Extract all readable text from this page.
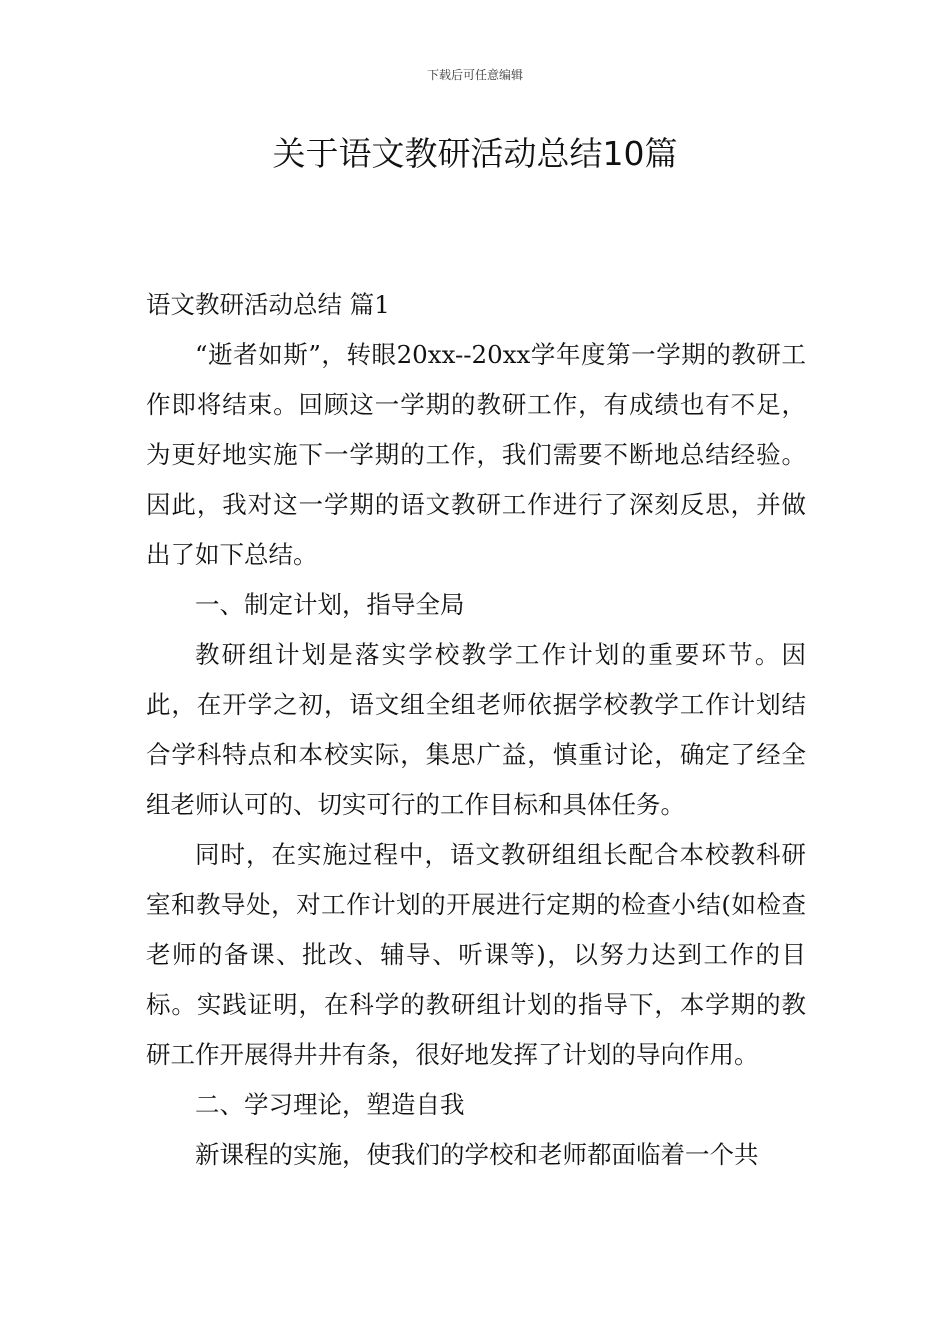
下载后可任意编辑
关于语文教研活动总结10篇
语文教研活动总结 篇1

“逝者如斯”，转眼20xx--20xx学年度第一学期的教研工作即将结束。回顾这一学期的教研工作，有成绩也有不足，为更好地实施下一学期的工作，我们需要不断地总结经验。因此，我对这一学期的语文教研工作进行了深刻反思，并做出了如下总结。

一、制定计划，指导全局

教研组计划是落实学校教学工作计划的重要环节。因此，在开学之初，语文组全组老师依据学校教学工作计划结合学科特点和本校实际，集思广益，慎重讨论，确定了经全组老师认可的、切实可行的工作目标和具体任务。

同时，在实施过程中，语文教研组组长配合本校教科研室和教导处，对工作计划的开展进行定期的检查小结(如检查老师的备课、批改、辅导、听课等)，以努力达到工作的目标。实践证明，在科学的教研组计划的指导下，本学期的教研工作开展得井井有条，很好地发挥了计划的导向作用。

二、学习理论，塑造自我

新课程的实施，使我们的学校和老师都面临着一个共
